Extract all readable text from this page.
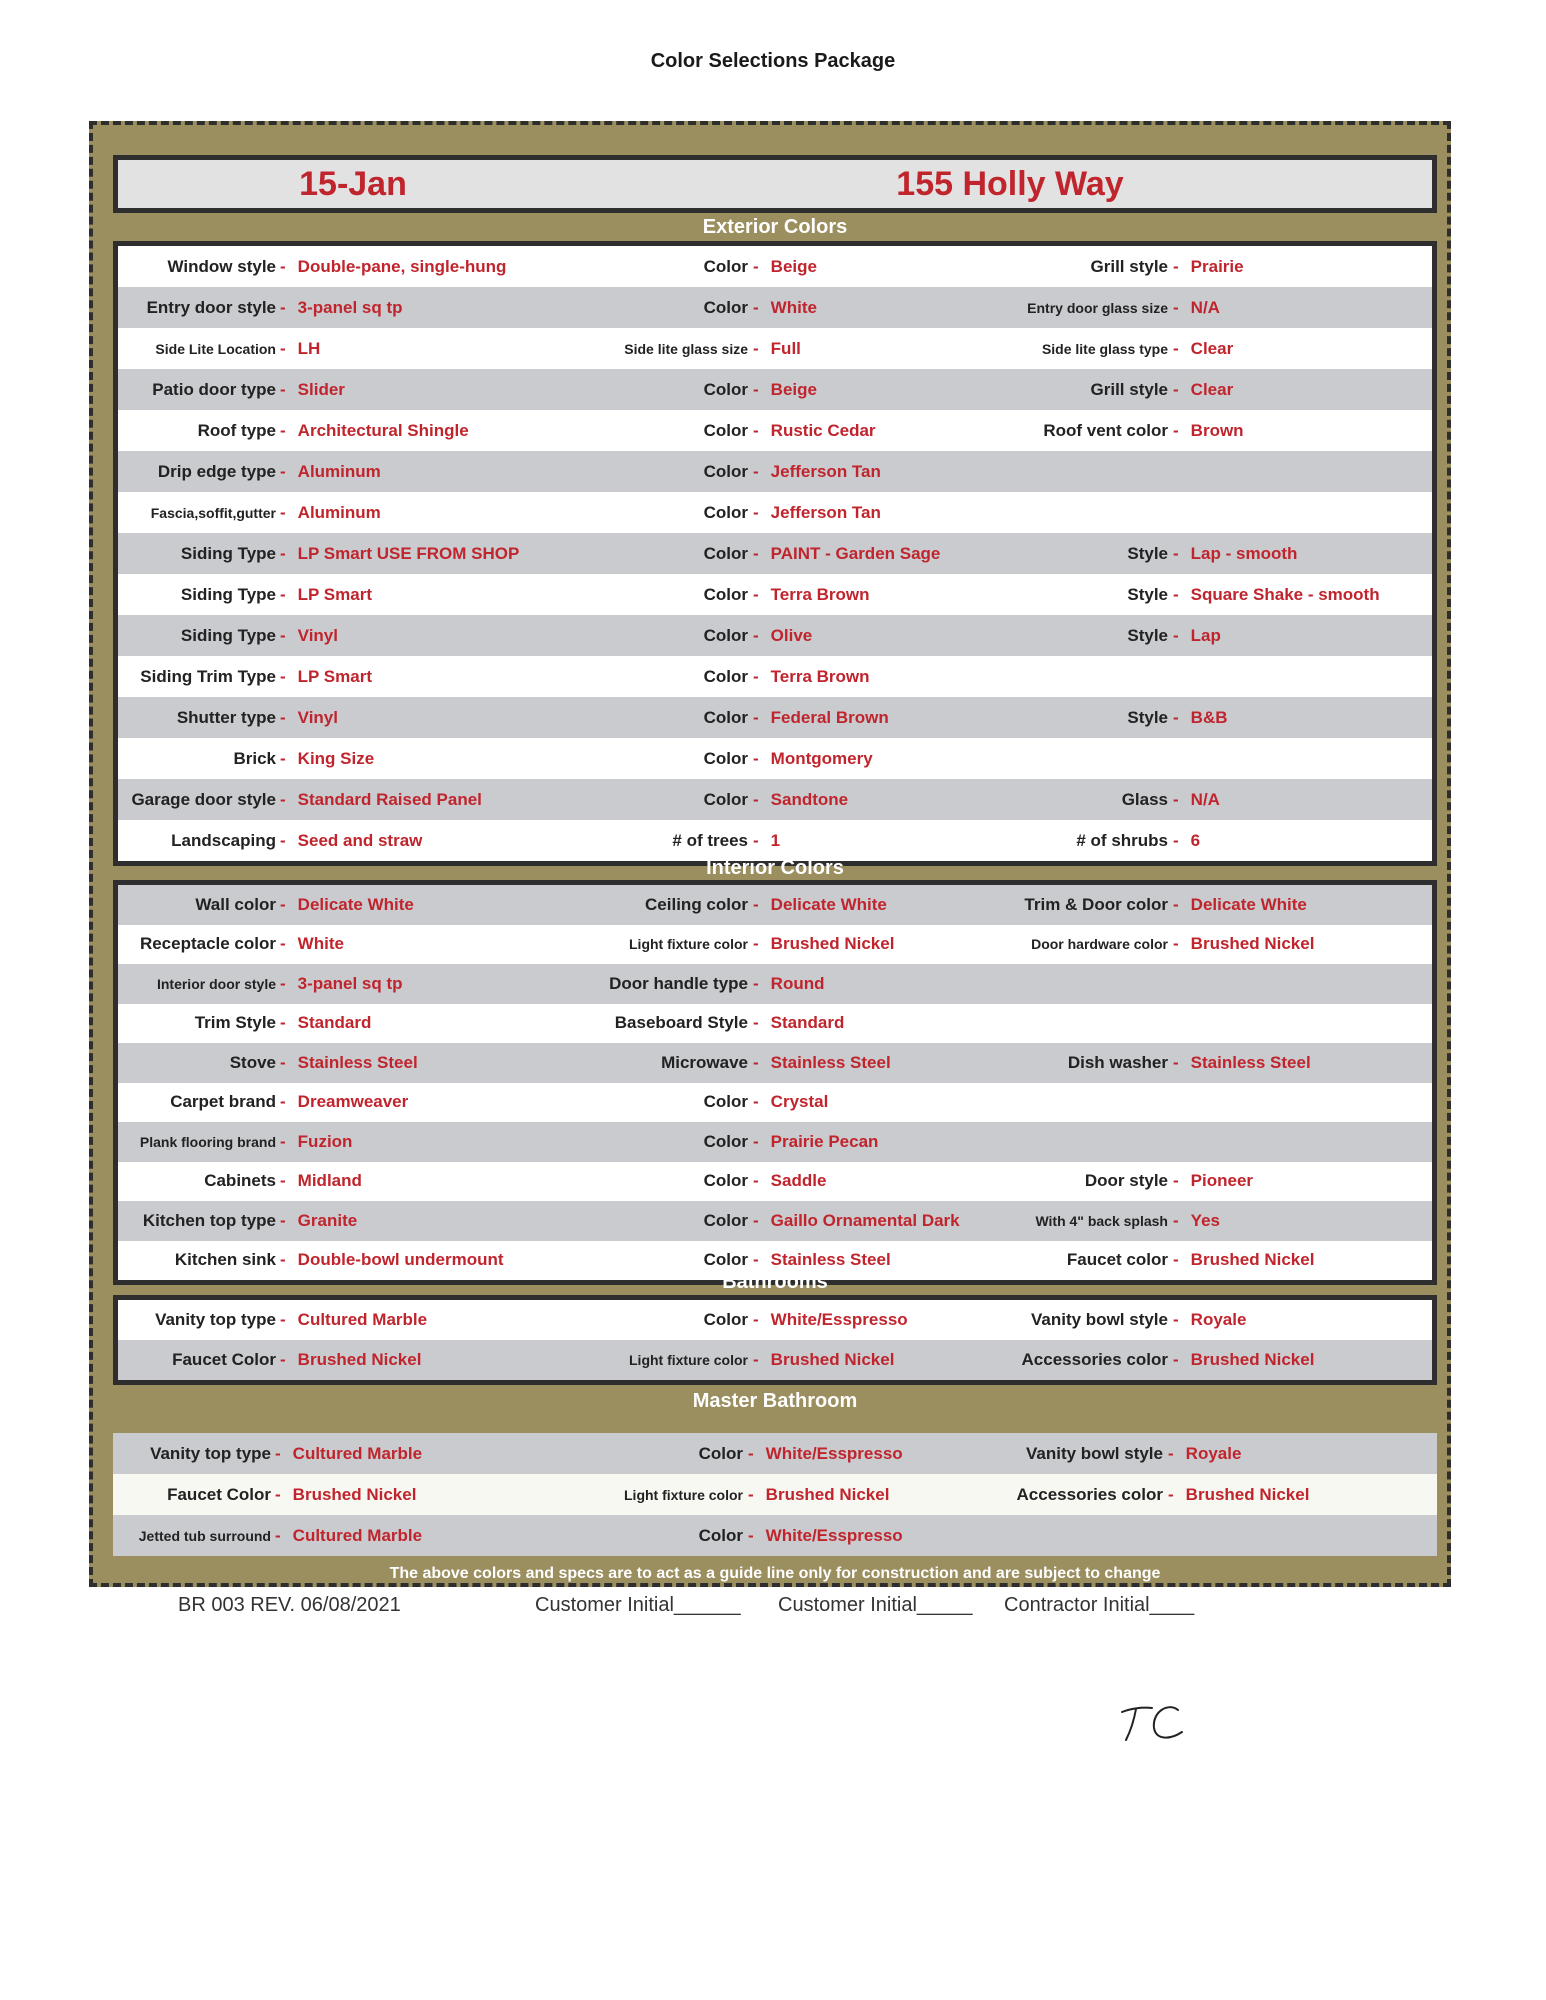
Color Selections Package
15-Jan	155 Holly Way
Exterior Colors
Window style - Double-pane, single-hung	Color - Beige	Grill style - Prairie
Entry door style - 3-panel sq tp	Color - White	Entry door glass size - N/A
Side Lite Location - LH	Side lite glass size - Full	Side lite glass type - Clear
Patio door type - Slider	Color - Beige	Grill style - Clear
Roof type - Architectural Shingle	Color - Rustic Cedar	Roof vent color - Brown
Drip edge type - Aluminum	Color - Jefferson Tan
Fascia,soffit,gutter - Aluminum	Color - Jefferson Tan
Siding Type - LP Smart USE FROM SHOP	Color - PAINT - Garden Sage	Style - Lap - smooth
Siding Type - LP Smart	Color - Terra Brown	Style - Square Shake - smooth
Siding Type - Vinyl	Color - Olive	Style - Lap
Siding Trim Type - LP Smart	Color - Terra Brown
Shutter type - Vinyl	Color - Federal Brown	Style - B&B
Brick - King Size	Color - Montgomery
Garage door style - Standard Raised Panel	Color - Sandtone	Glass - N/A
Landscaping - Seed and straw	# of trees - 1	# of shrubs - 6
Interior Colors
Wall color - Delicate White	Ceiling color - Delicate White	Trim & Door color - Delicate White
Receptacle color - White	Light fixture color - Brushed Nickel	Door hardware color - Brushed Nickel
Interior door style - 3-panel sq tp	Door handle type - Round
Trim Style - Standard	Baseboard Style - Standard
Stove - Stainless Steel	Microwave - Stainless Steel	Dish washer - Stainless Steel
Carpet brand - Dreamweaver	Color - Crystal
Plank flooring brand - Fuzion	Color - Prairie Pecan
Cabinets - Midland	Color - Saddle	Door style - Pioneer
Kitchen top type - Granite	Color - Gaillo Ornamental Dark	With 4" back splash - Yes
Kitchen sink - Double-bowl undermount	Color - Stainless Steel	Faucet color - Brushed Nickel
Bathrooms
Vanity top type - Cultured Marble	Color - White/Esspresso	Vanity bowl style - Royale
Faucet Color - Brushed Nickel	Light fixture color - Brushed Nickel	Accessories color - Brushed Nickel
Master Bathroom
Vanity top type - Cultured Marble	Color - White/Esspresso	Vanity bowl style - Royale
Faucet Color - Brushed Nickel	Light fixture color - Brushed Nickel	Accessories color - Brushed Nickel
Jetted tub surround - Cultured Marble	Color - White/Esspresso
The above colors and specs are to act as a guide line only for construction and are subject to change
BR 003 REV. 06/08/2021	Customer Initial______ Customer Initial_____ Contractor Initial____
